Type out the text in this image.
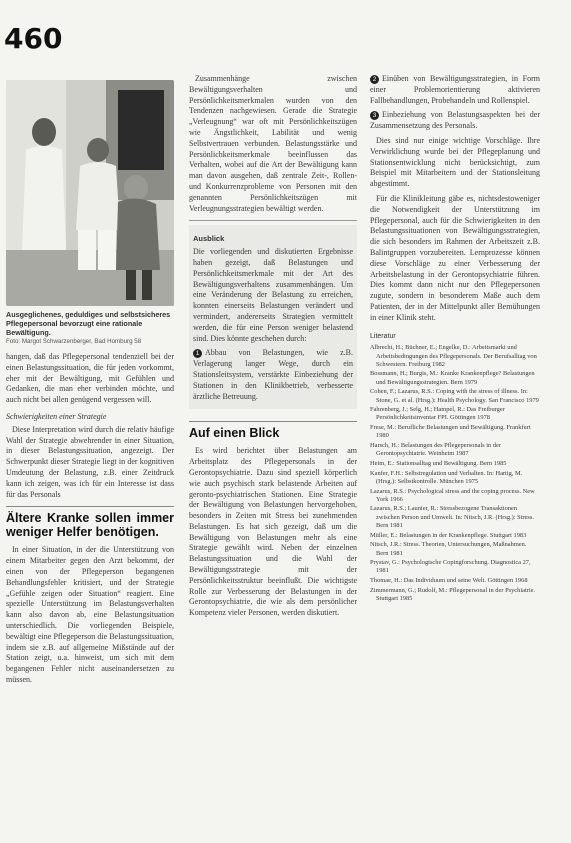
460
Ausgeglichenes, geduldiges und selbstsicheres Pflegepersonal bevorzugt eine rationale Bewältigung.
Foto: Margot Schwarzenberger, Bad Homburg 58

hangen, daß das Pflegepersonal tendenziell bei der einen Belastungssituation, die für jeden vorkommt, eher mit der Bewältigung, mit Gefühlen und Gedanken, die man eher verbinden möchte, und auch nicht bei allen genügend vergessen will.

Schwierigkeiten einer Strategie

Diese Interpretation wird durch die relativ häufige Wahl der Strategie abwehrender in einer Situation, in dieser Belastungssituation, angezeigt. Der Schwerpunkt dieser Strategie liegt in der kognitiven Umdeutung der Belastung, z.B. einer Zeitdruck kann ich zeigen, was ich für ein Interesse ist dass für das Personals

Ältere Kranke sollen immer weniger Helfer benötigen.

In einer Situation, in der die Unterstützung von einem Mitarbeiter gegen den Arzt bekommt, der einen von der Pflegeperson begangenen Behandlungsfehler kritisiert, und der Strategie „Gefühle zeigen oder Situation“ reagiert. Eine spezielle Unterstützung im Belastungsverhalten kann also davon ab, eine Belastungsituation unterschiedlich. Die vorliegenden Beispiele, bewältigt eine Pflegeperson die Belastungssituation, indem sie z.B. auf allgemeine Mißstände auf der Station zeigt, u.a. hinweist, um sich mit dem begangenen Fehler nicht auseinandersetzen zu müssen.

Zusammenhänge zwischen Bewältigungsverhalten und Persönlichkeitsmerkmalen wurden von den Tendenzen nachgewiesen. Gerade die Strategie „Verleugnung“ war oft mit Persönlichkeitszügen wie Ängstlichkeit, Labilität und wenig Selbstvertrauen verbunden. Belastungsstärke und Persönlichkeitsmerkmale beeinflussen das Verhalten, wobei auf die Art der Bewältigung kann man davon ausgehen, daß zentrale Zeit-, Rollen- und Konkurrenzprobleme von Personen mit den genannten Persönlichkeitszügen mit Verleugnungsstrategien bewältigt werden.

Ausblick

Die vorliegenden und diskutierten Ergebnisse haben gezeigt, daß Belastungen und Persönlichkeitsmerkmale mit der Art des Bewältigungsverhaltens zusammenhängen. Um eine Veränderung der Belastung zu erreichen, konnten einerseits Belastungen verändert und vermindert, andererseits Strategien vermittelt werden, die für eine Person weniger belastend sind. Dies könnte geschehen durch:

1 Abbau von Belastungen, wie z.B. Verlagerung langer Wege, durch ein Stationsleitsystem, verstärkte Einbeziehung der Stationen in den Klinikbetrieb, verbesserte ärztliche Betreuung.

Auf einen Blick

Es wird berichtet über Belastungen am Arbeitsplatz des Pflegepersonals in der Gerontopsychiatrie. Dazu sind speziell körperlich wie auch psychisch stark belastende Arbeiten auf geronto-psychiatrischen Stationen. Eine Strategie der Bewältigung von Belastungen hervorgehoben, besonders in Zeiten mit Stress bei zunehmenden Belastungen. Es hat sich gezeigt, daß um die Bewältigung von Belastungen mehr als eine Strategie gewählt wird. Neben der einzelnen Belastungssituation und die Wahl der Bewältigungsstrategie mit der Persönlichkeitsstruktur beeinflußt. Die wichtigste Rolle zur Verbesserung der Belastungen in der Gerontopsychiatrie, die wie als dem persönlicher Kompetenz vieler Personen, werden diskutiert.

2 Einüben von Bewältigungsstrategien, in Form einer Problemorientierung aktivieren Fallbehandlungen, Probehandeln und Rollenspiel.

3 Einbeziehung von Belastungsaspekten bei der Zusammensetzung des Personals.

Dies sind nur einige wichtige Vorschläge. Ihre Verwirklichung wurde bei der Pflegeplanung und Stationsentwicklung nicht berücksichtigt, zum Beispiel mit Mitarbeitern und der Stationsleitung abgestimmt.

Für die Klinikleitung gäbe es, nichtsdestoweniger die Notwendigkeit der Unterstützung im Pflegepersonal, auch für die Schwierigkeiten in den Belastungssituationen von Bewältigungsstrategien, die sich besonders im Rahmen der Arbeitszeit z.B. Balintgruppen vorzubereiten. Lernprozesse können diese Vorschläge zu einer Verbesserung der Arbeitsbelastung in der Gerontopsychiatrie führen. Dies kommt dann nicht nur den Pflegepersonen zugute, sondern in besonderem Maße auch dem Patienten, der in der Mittelpunkt aller Bemühungen in einer Klinik steht.

Literatur

Albrecht, H.; Büchner, E.; Engelke, D.: Arbeitsmarkt und Arbeitsbedingungen des Pflegepersonals. Der Berufsalltag von Schwestern. Freiburg 1982

Bossmann, H.; Burgis, M.: Kranke Krankenpflege? Belastungen und Bewältigungsstrategien. Bern 1979

Cohen, F.; Lazarus, R.S.: Coping with the stress of illness. In: Stone, G. et al. (Hrsg.): Health Psychology. San Francisco 1979

Fahrenberg, J.; Selg, H.; Hampel, R.: Das Freiburger Persönlichkeitsinventar FPI. Göttingen 1978

Frese, M.: Berufliche Belastungen und Bewältigung. Frankfurt 1980

Harsch, H.: Belastungen des Pflegepersonals in der Gerontopsychiatrie. Weinheim 1987

Heim, E.: Stationsalltag und Bewältigung. Bern 1985

Kanfer, F.H.: Selbstregulation und Verhalten. In: Hartig, M. (Hrsg.): Selbstkontrolle. München 1975

Lazarus, R.S.: Psychological stress and the coping process. New York 1966

Lazarus, R.S.; Launier, R.: Stressbezogene Transaktionen zwischen Person und Umwelt. In: Nitsch, J.R. (Hrsg.): Stress. Bern 1981

Müller, E.: Belastungen in der Krankenpflege. Stuttgart 1983

Nitsch, J.R.: Stress. Theorien, Untersuchungen, Maßnahmen. Bern 1981

Prystav, G.: Psychologische Copingforschung. Diagnostica 27, 1981

Thomae, H.: Das Individuum und seine Welt. Göttingen 1968

Zimmermann, G.; Rudolf, M.: Pflegepersonal in der Psychiatrie. Stuttgart 1985
